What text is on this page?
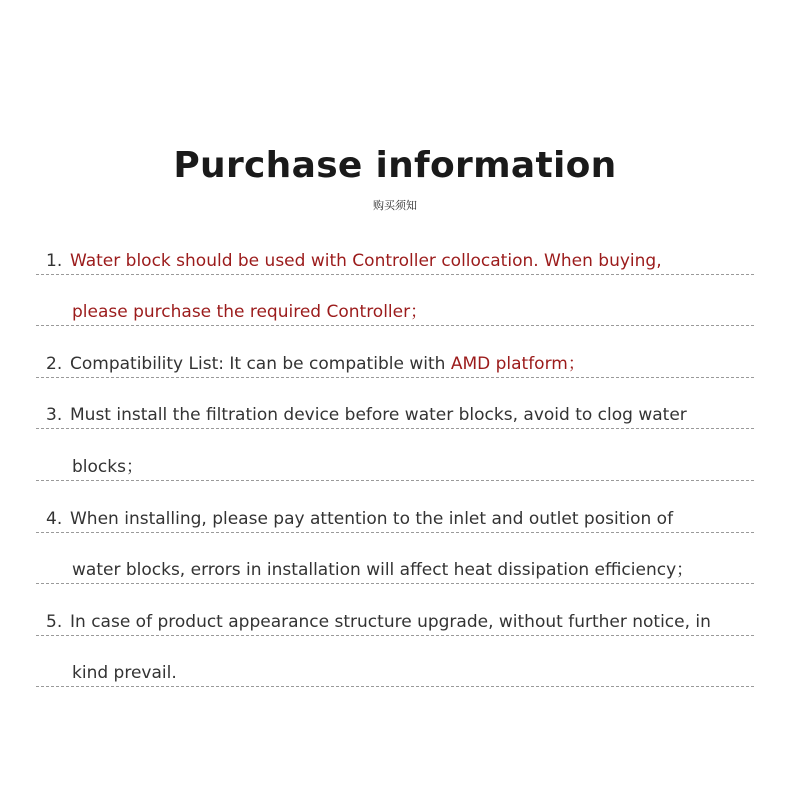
Purchase information
购买须知
1. Water block should be used with Controller collocation. When buying,
please purchase the required Controller；
2. Compatibility List: It can be compatible with AMD platform；
3. Must install the filtration device before water blocks, avoid to clog water
blocks；
4. When installing, please pay attention to the inlet and outlet position of
water blocks, errors in installation will affect heat dissipation efficiency；
5. In case of product appearance structure upgrade, without further notice, in
kind prevail.
